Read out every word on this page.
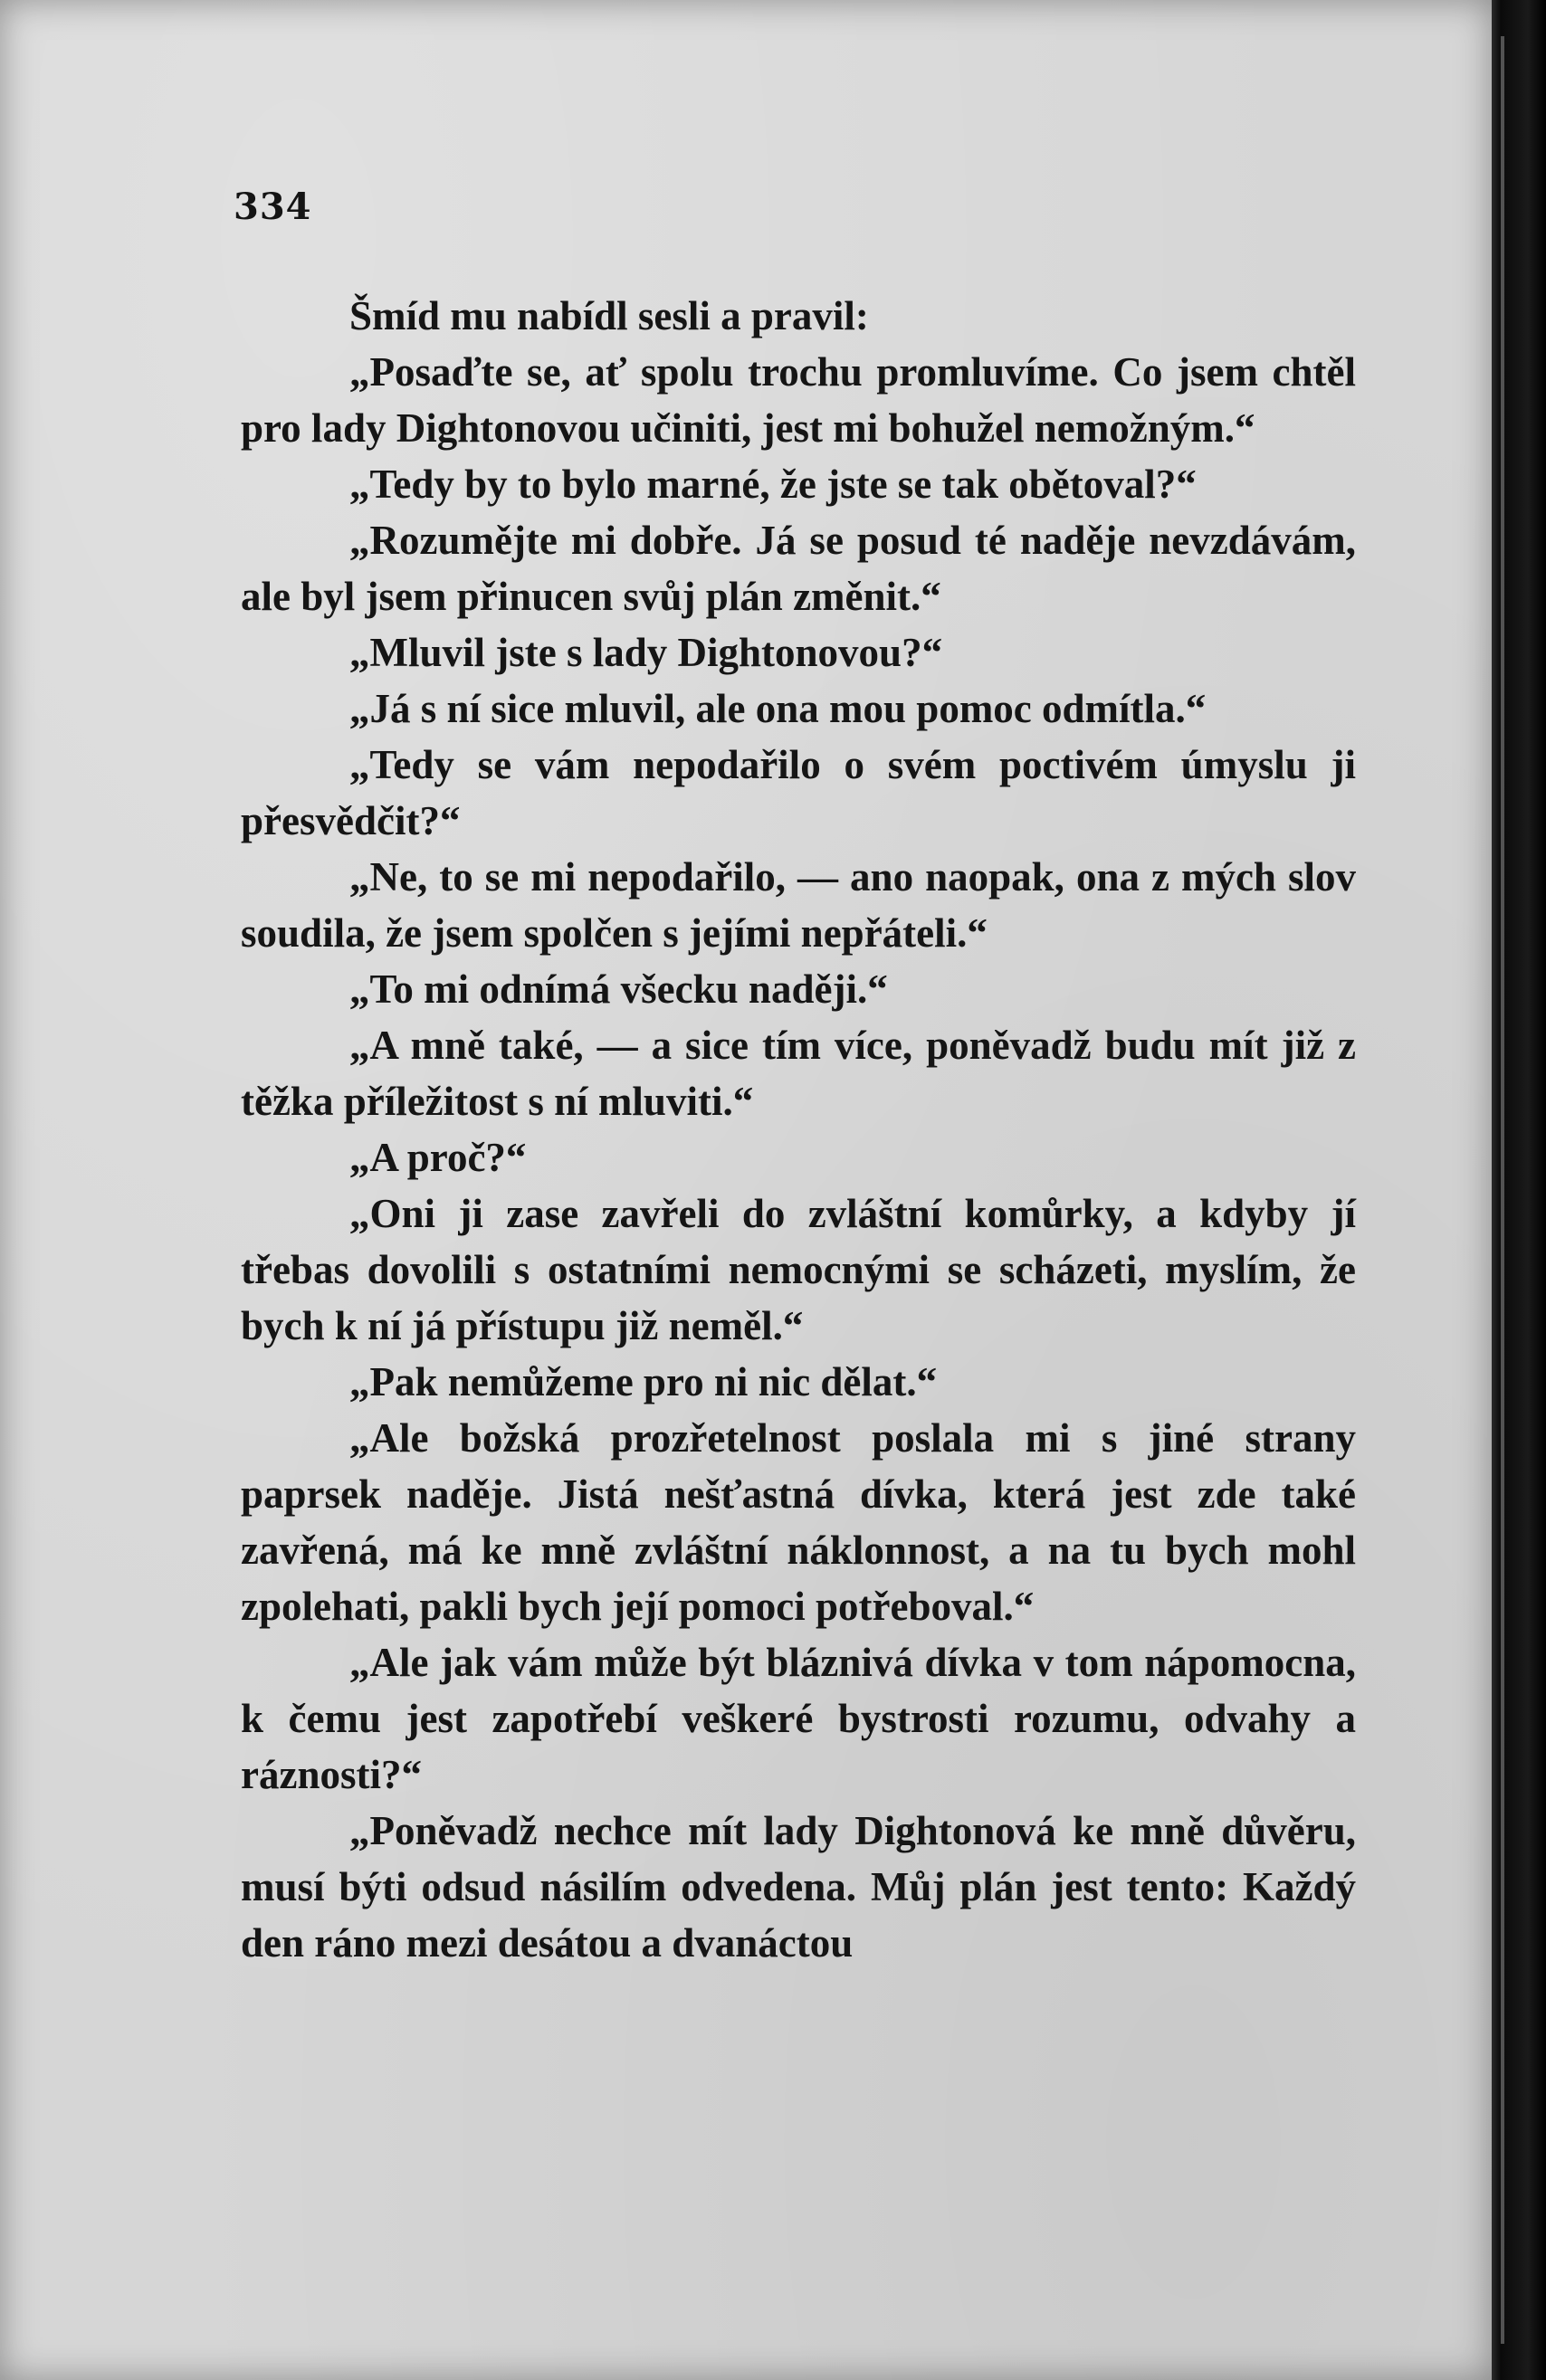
334

Šmíd mu nabídl sesli a pravil:

„Posaďte se, ať spolu trochu promluvíme. Co jsem chtěl pro lady Dightonovou učiniti, jest mi bohužel nemožným.“

„Tedy by to bylo marné, že jste se tak obětoval?“

„Rozumějte mi dobře. Já se posud té naděje nevzdávám, ale byl jsem přinucen svůj plán změnit.“

„Mluvil jste s lady Dightonovou?“

„Já s ní sice mluvil, ale ona mou pomoc odmítla.“

„Tedy se vám nepodařilo o svém poctivém úmyslu ji přesvědčit?“

„Ne, to se mi nepodařilo, — ano naopak, ona z mých slov soudila, že jsem spolčen s jejími nepřáteli.“

„To mi odnímá všecku naději.“

„A mně také, — a sice tím více, poněvadž budu mít již z těžka příležitost s ní mluviti.“

„A proč?“

„Oni ji zase zavřeli do zvláštní komůrky, a kdyby jí třebas dovolili s ostatními nemocnými se scházeti, myslím, že bych k ní já přístupu již neměl.“

„Pak nemůžeme pro ni nic dělat.“

„Ale božská prozřetelnost poslala mi s jiné strany paprsek naděje. Jistá nešťastná dívka, která jest zde také zavřená, má ke mně zvláštní náklonnost, a na tu bych mohl zpolehati, pakli bych její pomoci potřeboval.“

„Ale jak vám může být bláznivá dívka v tom nápomocna, k čemu jest zapotřebí veškeré bystrosti rozumu, odvahy a ráznosti?“

„Poněvadž nechce mít lady Dightonová ke mně důvěru, musí býti odsud násilím odvedena. Můj plán jest tento: Každý den ráno mezi desátou a dvanáctou
